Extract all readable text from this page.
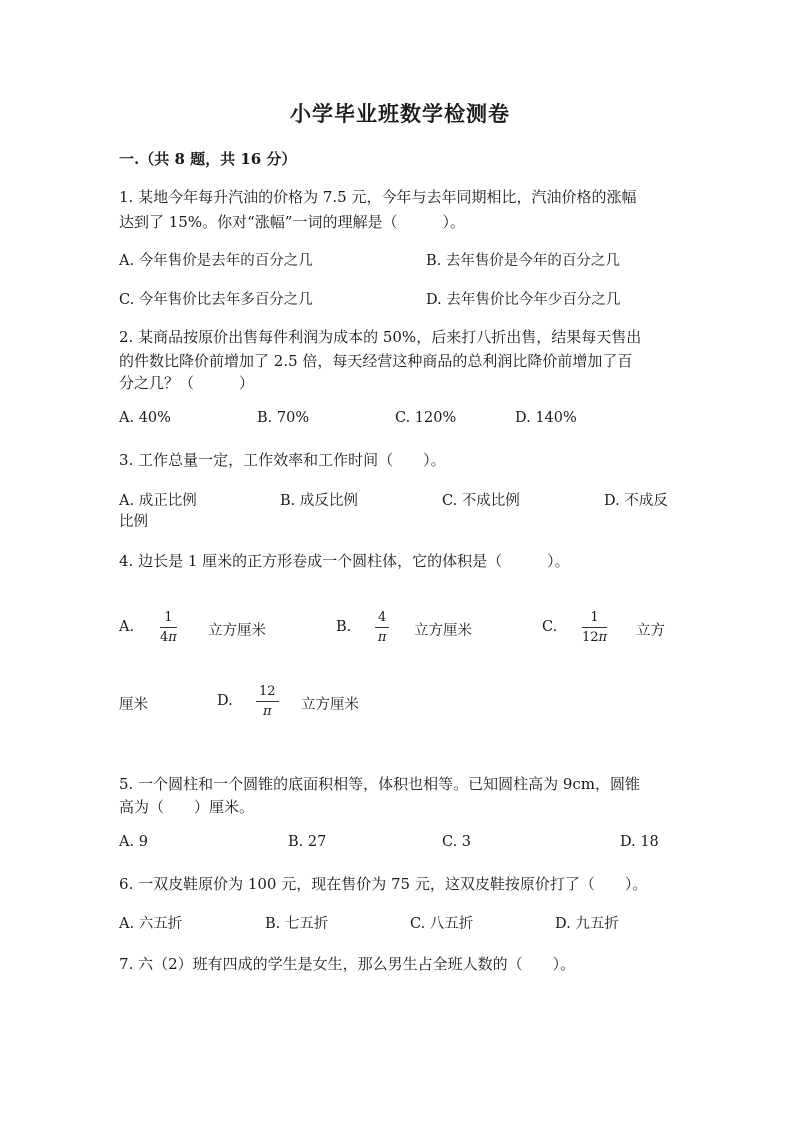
小学毕业班数学检测卷
一.（共 8 题，共 16 分）
1. 某地今年每升汽油的价格为 7.5 元，今年与去年同期相比，汽油价格的涨幅
达到了 15%。你对“涨幅”一词的理解是（　　　）。
A. 今年售价是去年的百分之几	B. 去年售价是今年的百分之几
C. 今年售价比去年多百分之几	D. 去年售价比今年少百分之几
2. 某商品按原价出售每件利润为成本的 50%，后来打八折出售，结果每天售出
的件数比降价前增加了 2.5 倍，每天经营这种商品的总利润比降价前增加了百
分之几？（　　　）
A. 40%	B. 70%	C. 120%	D. 140%
3. 工作总量一定，工作效率和工作时间（　　）。
A. 成正比例	B. 成反比例	C. 不成比例	D. 不成反
比例
4. 边长是 1 厘米的正方形卷成一个圆柱体，它的体积是（　　　）。
A.
1
4π 立方厘米	B.
4
π 立方厘米	C.
1
12π 立方
厘米	D.
12
π 立方厘米
5. 一个圆柱和一个圆锥的底面积相等，体积也相等。已知圆柱高为 9cm，圆锥
高为（　　）厘米。
A. 9	B. 27	C. 3	D. 18
6. 一双皮鞋原价为 100 元，现在售价为 75 元，这双皮鞋按原价打了（　　）。
A. 六五折	B. 七五折	C. 八五折	D. 九五折
7. 六（2）班有四成的学生是女生，那么男生占全班人数的（　　）。
